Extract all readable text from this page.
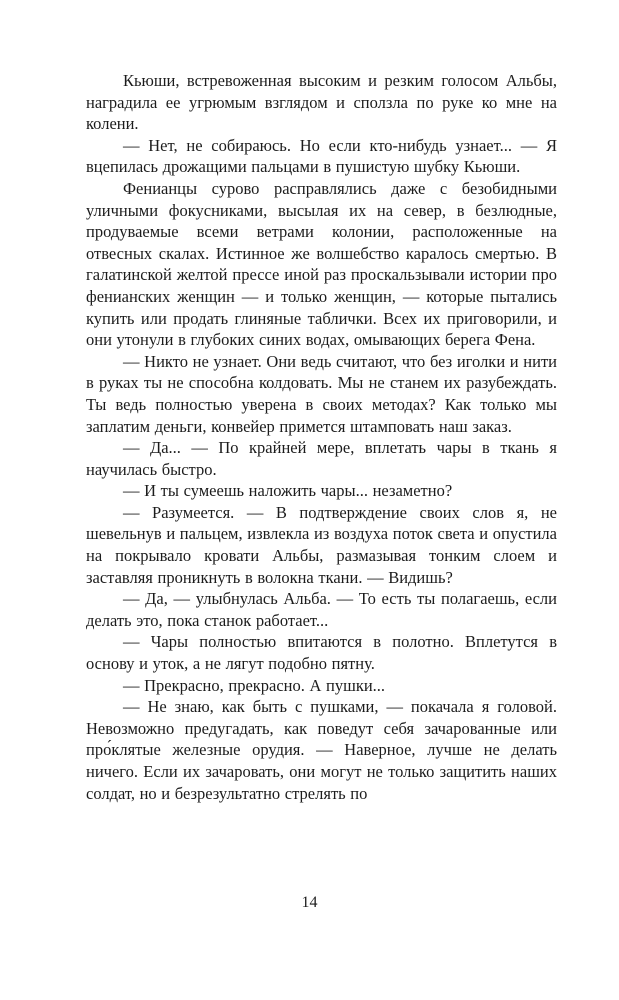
Кьюши, встревоженная высоким и резким голосом Альбы, наградила ее угрюмым взглядом и сползла по руке ко мне на колени.

— Нет, не собираюсь. Но если кто-нибудь узнает... — Я вцепилась дрожащими пальцами в пушистую шубку Кьюши.

Фенианцы сурово расправлялись даже с безобидными уличными фокусниками, высылая их на север, в безлюдные, продуваемые всеми ветрами колонии, расположенные на отвесных скалах. Истинное же волшебство каралось смертью. В галатинской желтой прессе иной раз проскальзывали истории про фенианских женщин — и только женщин, — которые пытались купить или продать глиняные таблички. Всех их приговорили, и они утонули в глубоких синих водах, омывающих берега Фена.

— Никто не узнает. Они ведь считают, что без иголки и нити в руках ты не способна колдовать. Мы не станем их разубеждать. Ты ведь полностью уверена в своих методах? Как только мы заплатим деньги, конвейер примется штамповать наш заказ.

— Да... — По крайней мере, вплетать чары в ткань я научилась быстро.

— И ты сумеешь наложить чары... незаметно?

— Разумеется. — В подтверждение своих слов я, не шевельнув и пальцем, извлекла из воздуха поток света и опустила на покрывало кровати Альбы, размазывая тонким слоем и заставляя проникнуть в волокна ткани. — Видишь?

— Да, — улыбнулась Альба. — То есть ты полагаешь, если делать это, пока станок работает...

— Чары полностью впитаются в полотно. Вплетутся в основу и уток, а не лягут подобно пятну.

— Прекрасно, прекрасно. А пушки...

— Не знаю, как быть с пушками, — покачала я головой. Невозможно предугадать, как поведут себя зачарованные или про́клятые железные орудия. — Наверное, лучше не делать ничего. Если их зачаровать, они могут не только защитить наших солдат, но и безрезультатно стрелять по

14
